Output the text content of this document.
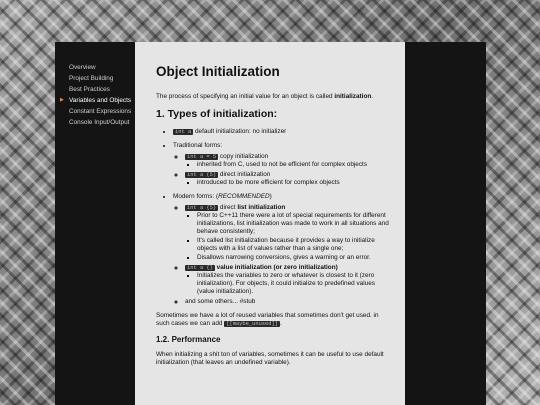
Overview
Project Building
Best Practices
▶ Variables and Objects
Constant Expressions
Console Input/Output
Object Initialization

The process of specifying an initial value for an object is called initialization.

1. Types of initialization:
• int a default initialization: no initializer
• Traditional forms:
◦ int a = 5 copy initialization
▪ inherited from C, used to not be efficient for complex objects
◦ int a (5) direct initialization
▪ introduced to be more efficient for complex objects
• Modern forms: (RECOMMENDED)
◦ int a {5} direct list initialization
▪ Prior to C++11 there were a lot of special requirements for different initializations, list initialization was made to work in all situations and behave consistently;
▪ It's called list initialization because it provides a way to initialize objects with a list of values rather than a single one;
▪ Disallows narrowing conversions, gives a warning or an error.
◦ int a {} value initialization (or zero initialization)
▪ Initializes the variables to zero or whatever is closest to it (zero initialization). For objects, it could initialize to predefined values (value initialization).
◦ and some others... #stub

Sometimes we have a lot of reused variables that sometimes don't get used. in such cases we can add [[maybe_unused]] .

1.2. Performance

When initializing a shit ton of variables, sometimes it can be useful to use default initialization (that leaves an undefined variable).
